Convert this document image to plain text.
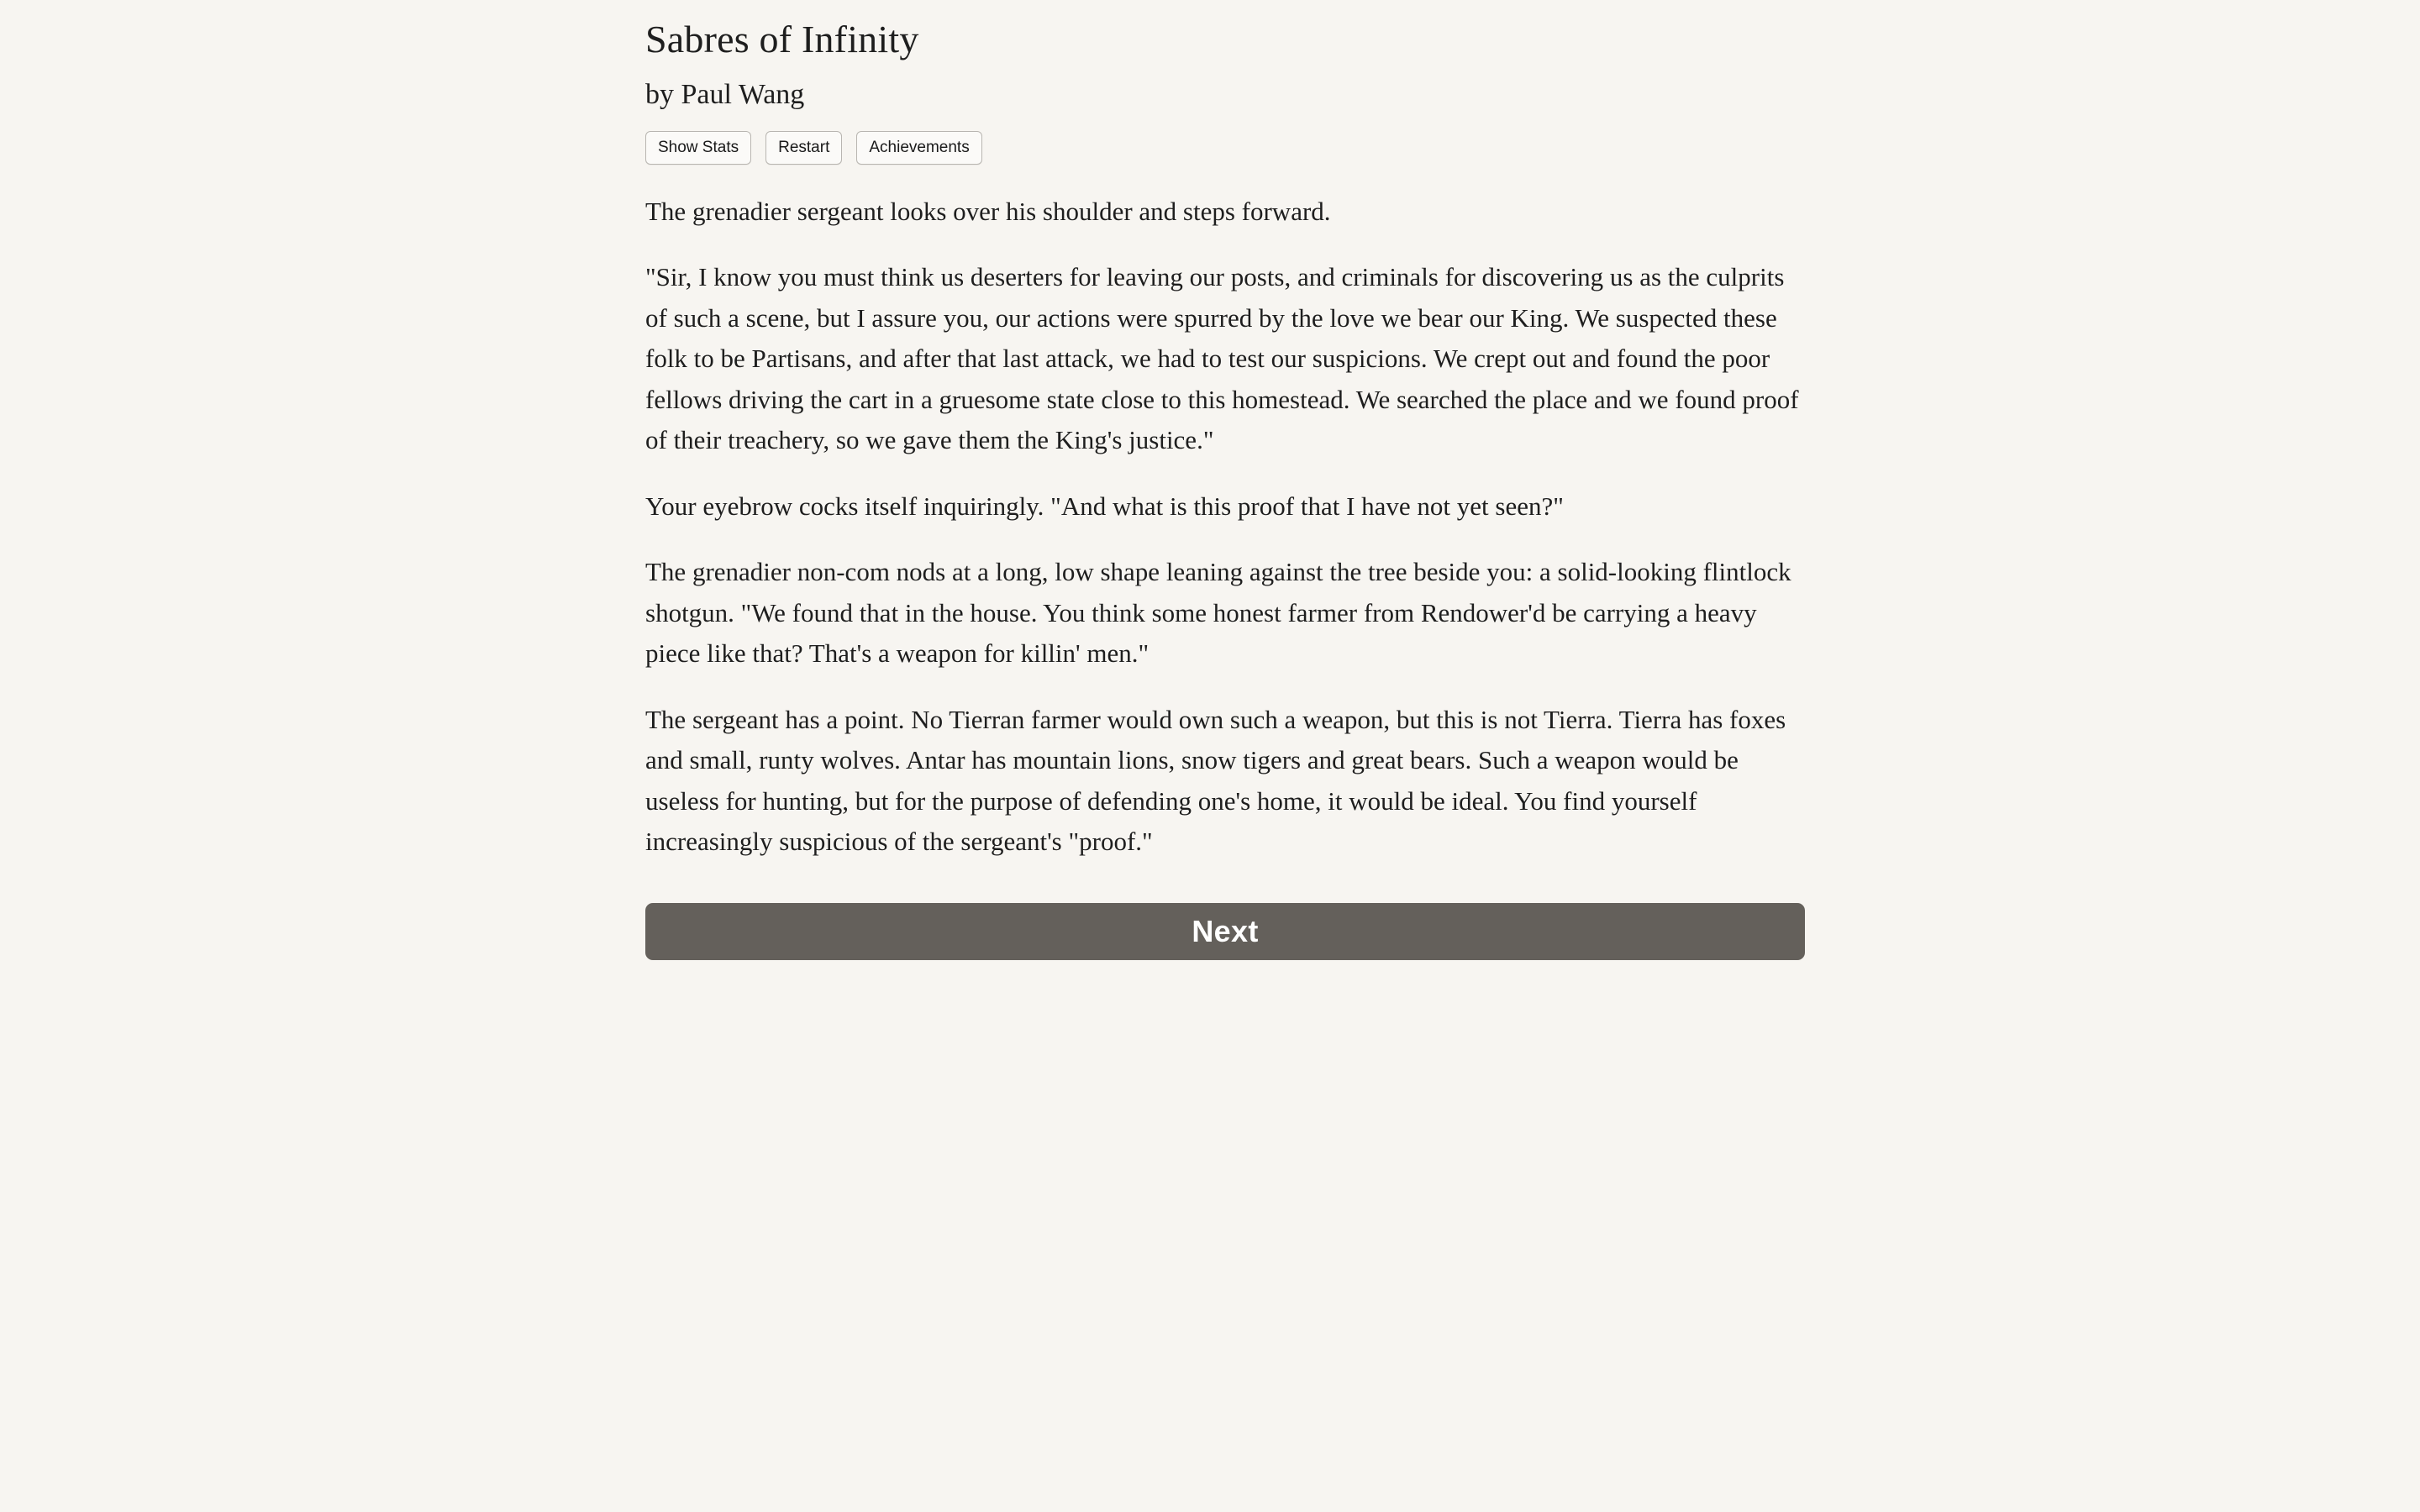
Sabres of Infinity
by Paul Wang
Show Stats	Restart	Achievements

The grenadier sergeant looks over his shoulder and steps forward.

"Sir, I know you must think us deserters for leaving our posts, and criminals for discovering us as the culprits of such a scene, but I assure you, our actions were spurred by the love we bear our King. We suspected these folk to be Partisans, and after that last attack, we had to test our suspicions. We crept out and found the poor fellows driving the cart in a gruesome state close to this homestead. We searched the place and we found proof of their treachery, so we gave them the King's justice."

Your eyebrow cocks itself inquiringly. "And what is this proof that I have not yet seen?"

The grenadier non-com nods at a long, low shape leaning against the tree beside you: a solid-looking flintlock shotgun. "We found that in the house. You think some honest farmer from Rendower'd be carrying a heavy piece like that? That's a weapon for killin' men."

The sergeant has a point. No Tierran farmer would own such a weapon, but this is not Tierra. Tierra has foxes and small, runty wolves. Antar has mountain lions, snow tigers and great bears. Such a weapon would be useless for hunting, but for the purpose of defending one's home, it would be ideal. You find yourself increasingly suspicious of the sergeant's "proof."

Next
